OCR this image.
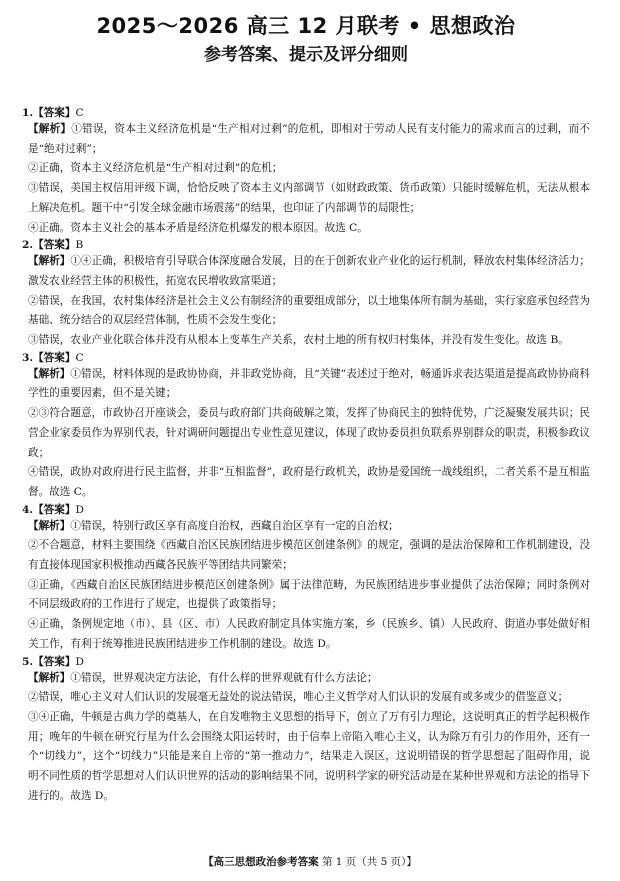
2025～2026 高三 12 月联考 • 思想政治
参考答案、提示及评分细则
1.【答案】C
【解析】①错误，资本主义经济危机是“生产相对过剩”的危机，即相对于劳动人民有支付能力的需求而言的过剩，而不是“绝对过剩”；
②正确，资本主义经济危机是“生产相对过剩”的危机；
③错误，美国主权信用评级下调，恰恰反映了资本主义内部调节（如财政政策、货币政策）只能时缓解危机，无法从根本上解决危机。题干中“引发全球金融市场震荡”的结果，也印证了内部调节的局限性；
④正确。资本主义社会的基本矛盾是经济危机爆发的根本原因。故选 C。
2.【答案】B
【解析】①④正确，积极培育引导联合体深度融合发展，目的在于创新农业产业化的运行机制，释放农村集体经济活力；激发农业经营主体的积极性，拓宽农民增收致富渠道；
②错误，在我国，农村集体经济是社会主义公有制经济的重要组成部分，以土地集体所有制为基础，实行家庭承包经营为基础、统分结合的双层经营体制，性质不会发生变化；
③错误，农业产业化联合体并没有从根本上变革生产关系，农村土地的所有权归村集体，并没有发生变化。故选 B。
3.【答案】C
【解析】①错误，材料体现的是政协协商，并非政党协商，且“关键”表述过于绝对，畅通诉求表达渠道是提高政协协商科学性的重要因素，但不是关键；
②③符合题意，市政协召开座谈会，委员与政府部门共商破解之策，发挥了协商民主的独特优势，广泛凝聚发展共识；民营企业家委员作为界别代表，针对调研问题提出专业性意见建议，体现了政协委员担负联系界别群众的职责，积极参政议政；
④错误，政协对政府进行民主监督，并非“互相监督”，政府是行政机关，政协是爱国统一战线组织，二者关系不是互相监督。故选 C。
4.【答案】D
【解析】①错误，特别行政区享有高度自治权，西藏自治区享有一定的自治权；
②不合题意，材料主要围绕《西藏自治区民族团结进步模范区创建条例》的规定，强调的是法治保障和工作机制建设，没有直接体现国家积极推动西藏各民族平等团结共同繁荣；
③正确，《西藏自治区民族团结进步模范区创建条例》属于法律范畴，为民族团结进步事业提供了法治保障；同时条例对不同层级政府的工作进行了规定，也提供了政策指导；
④正确，条例规定地（市）、县（区、市）人民政府制定具体实施方案，乡（民族乡、镇）人民政府、街道办事处做好相关工作，有利于统筹推进民族团结进步工作机制的建设。故选 D。
5.【答案】D
【解析】①错误，世界观决定方法论，有什么样的世界观就有什么方法论；
②错误，唯心主义对人们认识的发展毫无益处的说法错误，唯心主义哲学对人们认识的发展有或多或少的借鉴意义；
③④正确，牛顿是古典力学的奠基人，在自发唯物主义思想的指导下，创立了万有引力理论，这说明真正的哲学起积极作用；晚年的牛顿在研究行星为什么会围绕太阳运转时，由于信奉上帝陷入唯心主义，认为除万有引力的作用外，还有一个“切线力”，这个“切线力”只能是来自上帝的“第一推动力”，结果走入误区，这说明错误的哲学思想起了阻碍作用，说明不同性质的哲学思想对人们认识世界的活动的影响结果不同，说明科学家的研究活动是在某种世界观和方法论的指导下进行的。故选 D。
【高三思想政治参考答案 第 1 页（共 5 页）】
